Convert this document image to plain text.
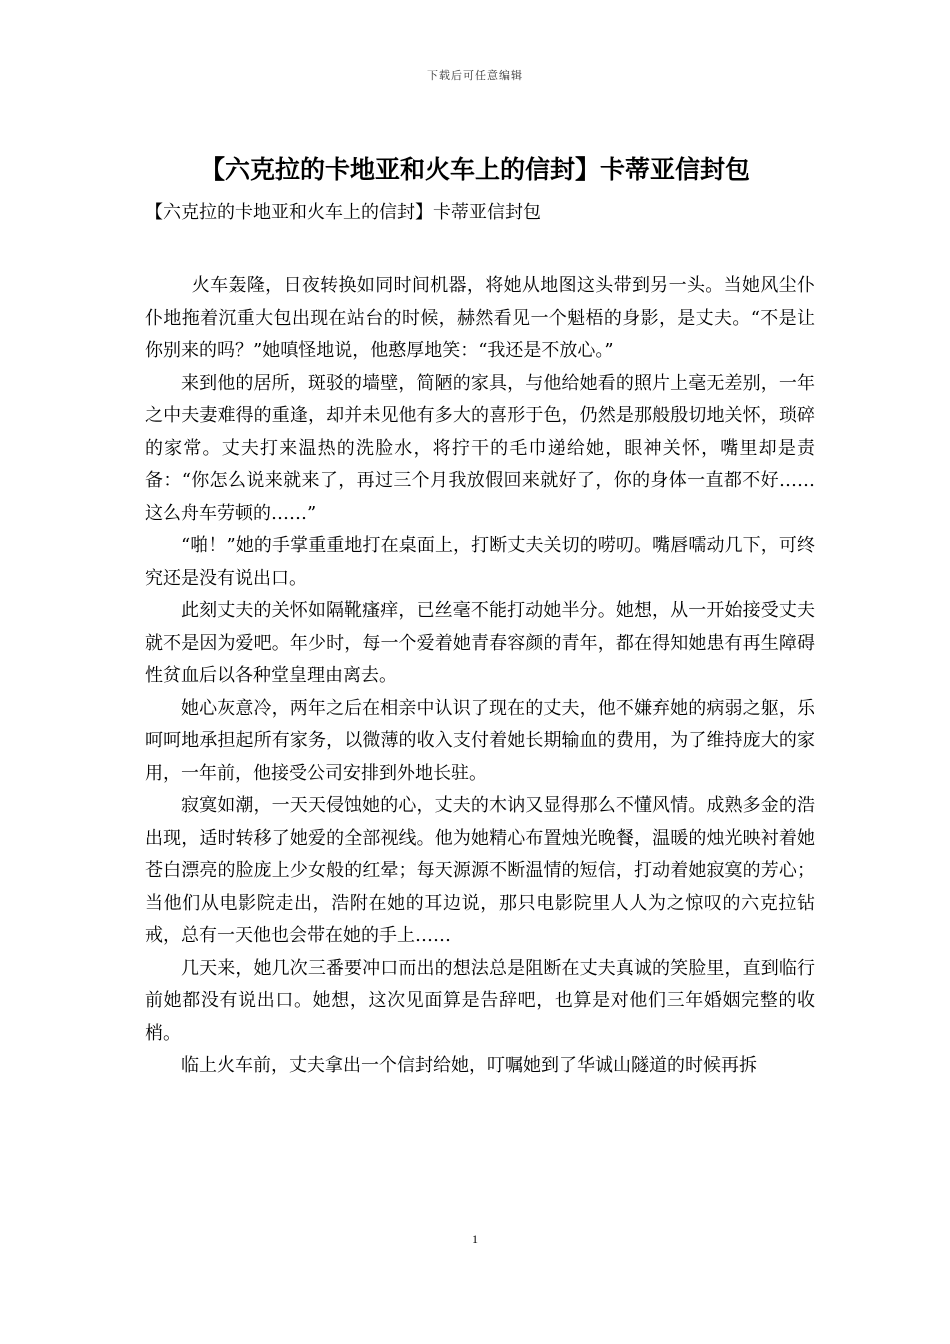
下载后可任意编辑
【六克拉的卡地亚和火车上的信封】卡蒂亚信封包
【六克拉的卡地亚和火车上的信封】卡蒂亚信封包

火车轰隆，日夜转换如同时间机器，将她从地图这头带到另一头。当她风尘仆仆地拖着沉重大包出现在站台的时候，赫然看见一个魁梧的身影，是丈夫。“不是让你别来的吗？”她嗔怪地说，他憨厚地笑：“我还是不放心。”

来到他的居所，斑驳的墙壁，简陋的家具，与他给她看的照片上毫无差别，一年之中夫妻难得的重逢，却并未见他有多大的喜形于色，仍然是那般殷切地关怀，琐碎的家常。丈夫打来温热的洗脸水，将拧干的毛巾递给她，眼神关怀，嘴里却是责备：“你怎么说来就来了，再过三个月我放假回来就好了，你的身体一直都不好……这么舟车劳顿的……”

“啪！”她的手掌重重地打在桌面上，打断丈夫关切的唠叨。嘴唇嚅动几下，可终究还是没有说出口。

此刻丈夫的关怀如隔靴瘙痒，已丝毫不能打动她半分。她想，从一开始接受丈夫就不是因为爱吧。年少时，每一个爱着她青春容颜的青年，都在得知她患有再生障碍性贫血后以各种堂皇理由离去。

她心灰意冷，两年之后在相亲中认识了现在的丈夫，他不嫌弃她的病弱之躯，乐呵呵地承担起所有家务，以微薄的收入支付着她长期输血的费用，为了维持庞大的家用，一年前，他接受公司安排到外地长驻。

寂寞如潮，一天天侵蚀她的心，丈夫的木讷又显得那么不懂风情。成熟多金的浩出现，适时转移了她爱的全部视线。他为她精心布置烛光晚餐，温暖的烛光映衬着她苍白漂亮的脸庞上少女般的红晕；每天源源不断温情的短信，打动着她寂寞的芳心；当他们从电影院走出，浩附在她的耳边说，那只电影院里人人为之惊叹的六克拉钻戒，总有一天他也会带在她的手上……

几天来，她几次三番要冲口而出的想法总是阻断在丈夫真诚的笑脸里，直到临行前她都没有说出口。她想，这次见面算是告辞吧，也算是对他们三年婚姻完整的收梢。

临上火车前，丈夫拿出一个信封给她，叮嘱她到了华诚山隧道的时候再拆

1
